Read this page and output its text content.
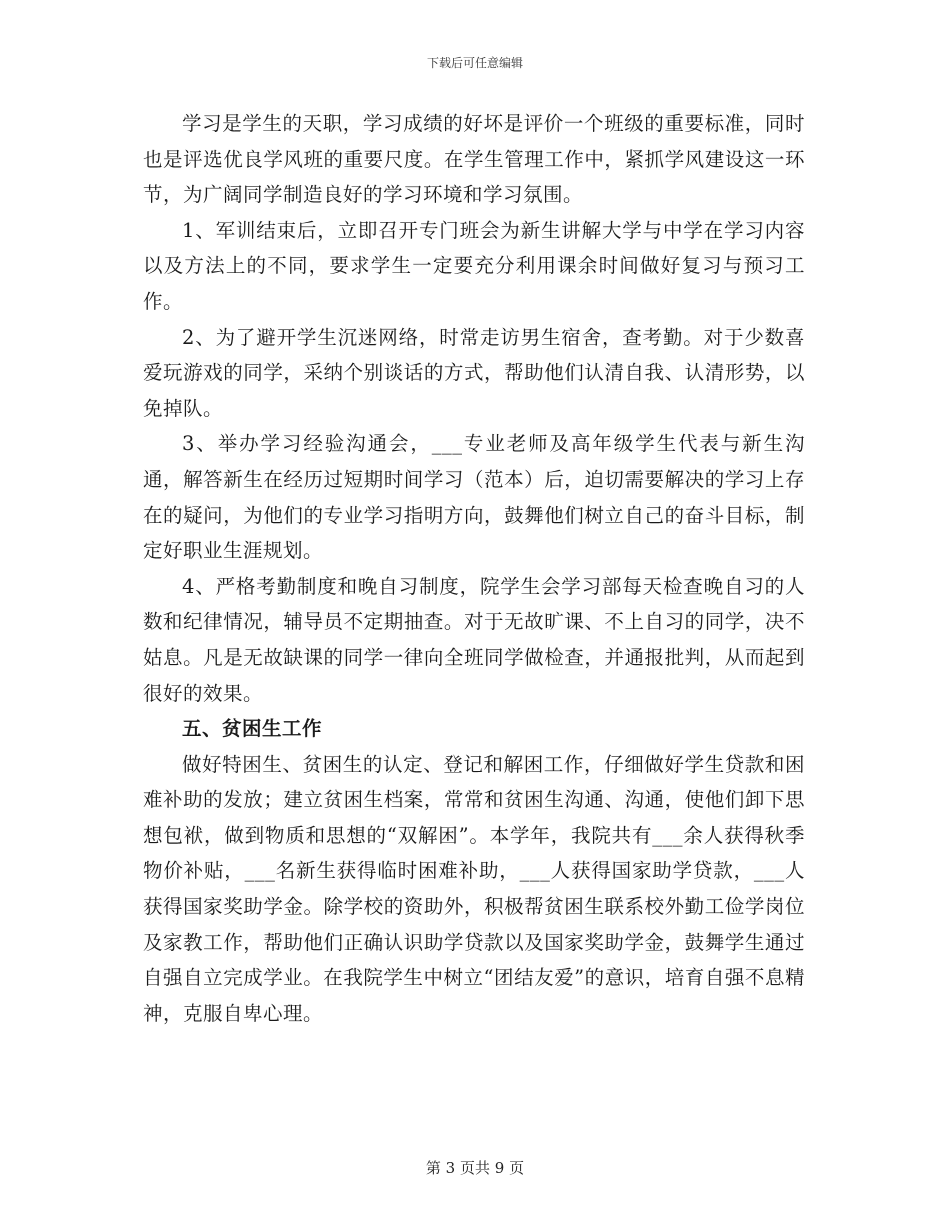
下载后可任意编辑

学习是学生的天职，学习成绩的好坏是评价一个班级的重要标准，同时也是评选优良学风班的重要尺度。在学生管理工作中，紧抓学风建设这一环节，为广阔同学制造良好的学习环境和学习氛围。

1、军训结束后，立即召开专门班会为新生讲解大学与中学在学习内容以及方法上的不同，要求学生一定要充分利用课余时间做好复习与预习工作。

2、为了避开学生沉迷网络，时常走访男生宿舍，查考勤。对于少数喜爱玩游戏的同学，采纳个别谈话的方式，帮助他们认清自我、认清形势，以免掉队。

3、举办学习经验沟通会，___专业老师及高年级学生代表与新生沟通，解答新生在经历过短期时间学习（范本）后，迫切需要解决的学习上存在的疑问，为他们的专业学习指明方向，鼓舞他们树立自己的奋斗目标，制定好职业生涯规划。

4、严格考勤制度和晚自习制度，院学生会学习部每天检查晚自习的人数和纪律情况，辅导员不定期抽查。对于无故旷课、不上自习的同学，决不姑息。凡是无故缺课的同学一律向全班同学做检查，并通报批判，从而起到很好的效果。

五、贫困生工作

做好特困生、贫困生的认定、登记和解困工作，仔细做好学生贷款和困难补助的发放；建立贫困生档案，常常和贫困生沟通、沟通，使他们卸下思想包袱，做到物质和思想的“双解困”。本学年，我院共有___余人获得秋季物价补贴，___名新生获得临时困难补助，___人获得国家助学贷款，___人获得国家奖助学金。除学校的资助外，积极帮贫困生联系校外勤工俭学岗位及家教工作，帮助他们正确认识助学贷款以及国家奖助学金，鼓舞学生通过自强自立完成学业。在我院学生中树立“团结友爱”的意识，培育自强不息精神，克服自卑心理。

第 3 页共 9 页
